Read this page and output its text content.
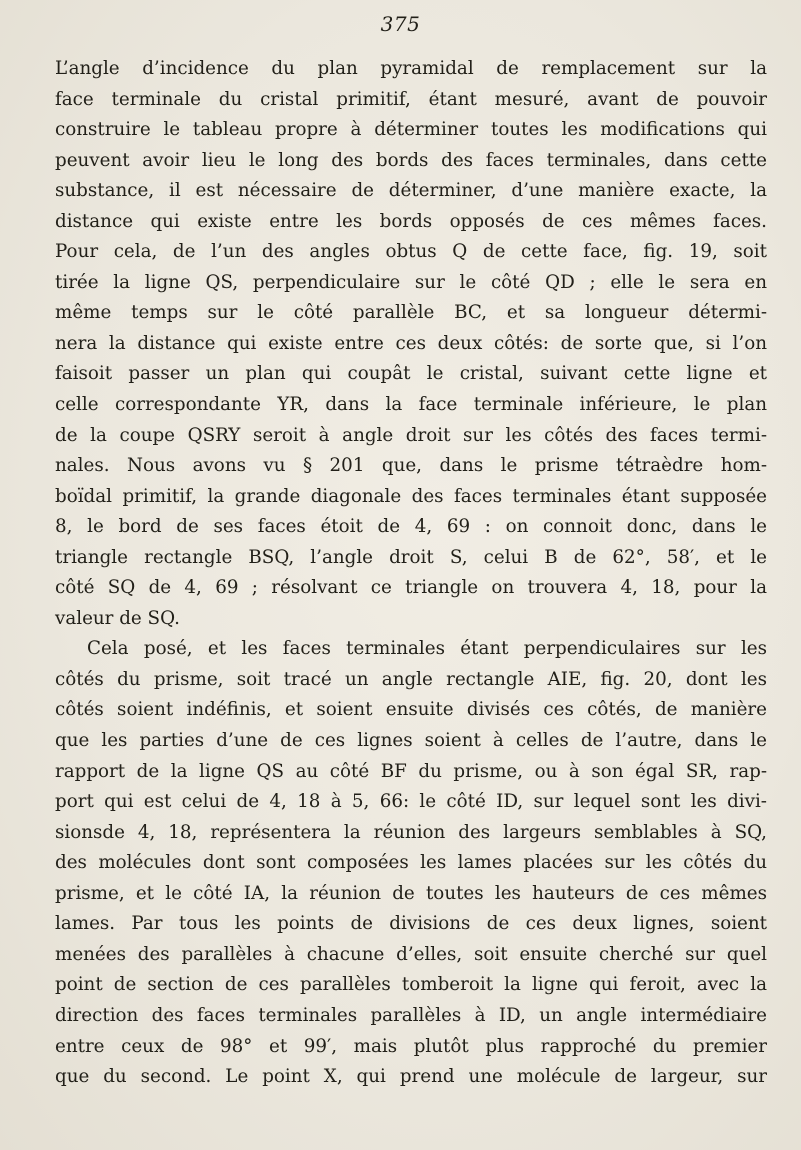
375
L’angle d’incidence du plan pyramidal de remplacement sur la
face terminale du cristal primitif, étant mesuré, avant de pouvoir
construire le tableau propre à déterminer toutes les modifications qui
peuvent avoir lieu le long des bords des faces terminales, dans cette
substance, il est nécessaire de déterminer, d’une manière exacte, la
distance qui existe entre les bords opposés de ces mêmes faces.
Pour cela, de l’un des angles obtus Q de cette face, fig. 19, soit
tirée la ligne QS, perpendiculaire sur le côté QD ; elle le sera en
même temps sur le côté parallèle BC, et sa longueur détermi-
nera la distance qui existe entre ces deux côtés: de sorte que, si l’on
faisoit passer un plan qui coupât le cristal, suivant cette ligne et
celle correspondante YR, dans la face terminale inférieure, le plan
de la coupe QSRY seroit à angle droit sur les côtés des faces termi-
nales. Nous avons vu § 201 que, dans le prisme tétraèdre hom-
boïdal primitif, la grande diagonale des faces terminales étant supposée
8, le bord de ses faces étoit de 4, 69 : on connoit donc, dans le
triangle rectangle BSQ, l’angle droit S, celui B de 62°, 58′, et le
côté SQ de 4, 69 ; résolvant ce triangle on trouvera 4, 18, pour la
valeur de SQ.
Cela posé, et les faces terminales étant perpendiculaires sur les
côtés du prisme, soit tracé un angle rectangle AIE, fig. 20, dont les
côtés soient indéfinis, et soient ensuite divisés ces côtés, de manière
que les parties d’une de ces lignes soient à celles de l’autre, dans le
rapport de la ligne QS au côté BF du prisme, ou à son égal SR, rap-
port qui est celui de 4, 18 à 5, 66: le côté ID, sur lequel sont les divi-
sionsde 4, 18, représentera la réunion des largeurs semblables à SQ,
des molécules dont sont composées les lames placées sur les côtés du
prisme, et le côté IA, la réunion de toutes les hauteurs de ces mêmes
lames. Par tous les points de divisions de ces deux lignes, soient
menées des parallèles à chacune d’elles, soit ensuite cherché sur quel
point de section de ces parallèles tomberoit la ligne qui feroit, avec la
direction des faces terminales parallèles à ID, un angle intermédiaire
entre ceux de 98° et 99′, mais plutôt plus rapproché du premier
que du second. Le point X, qui prend une molécule de largeur, sur
